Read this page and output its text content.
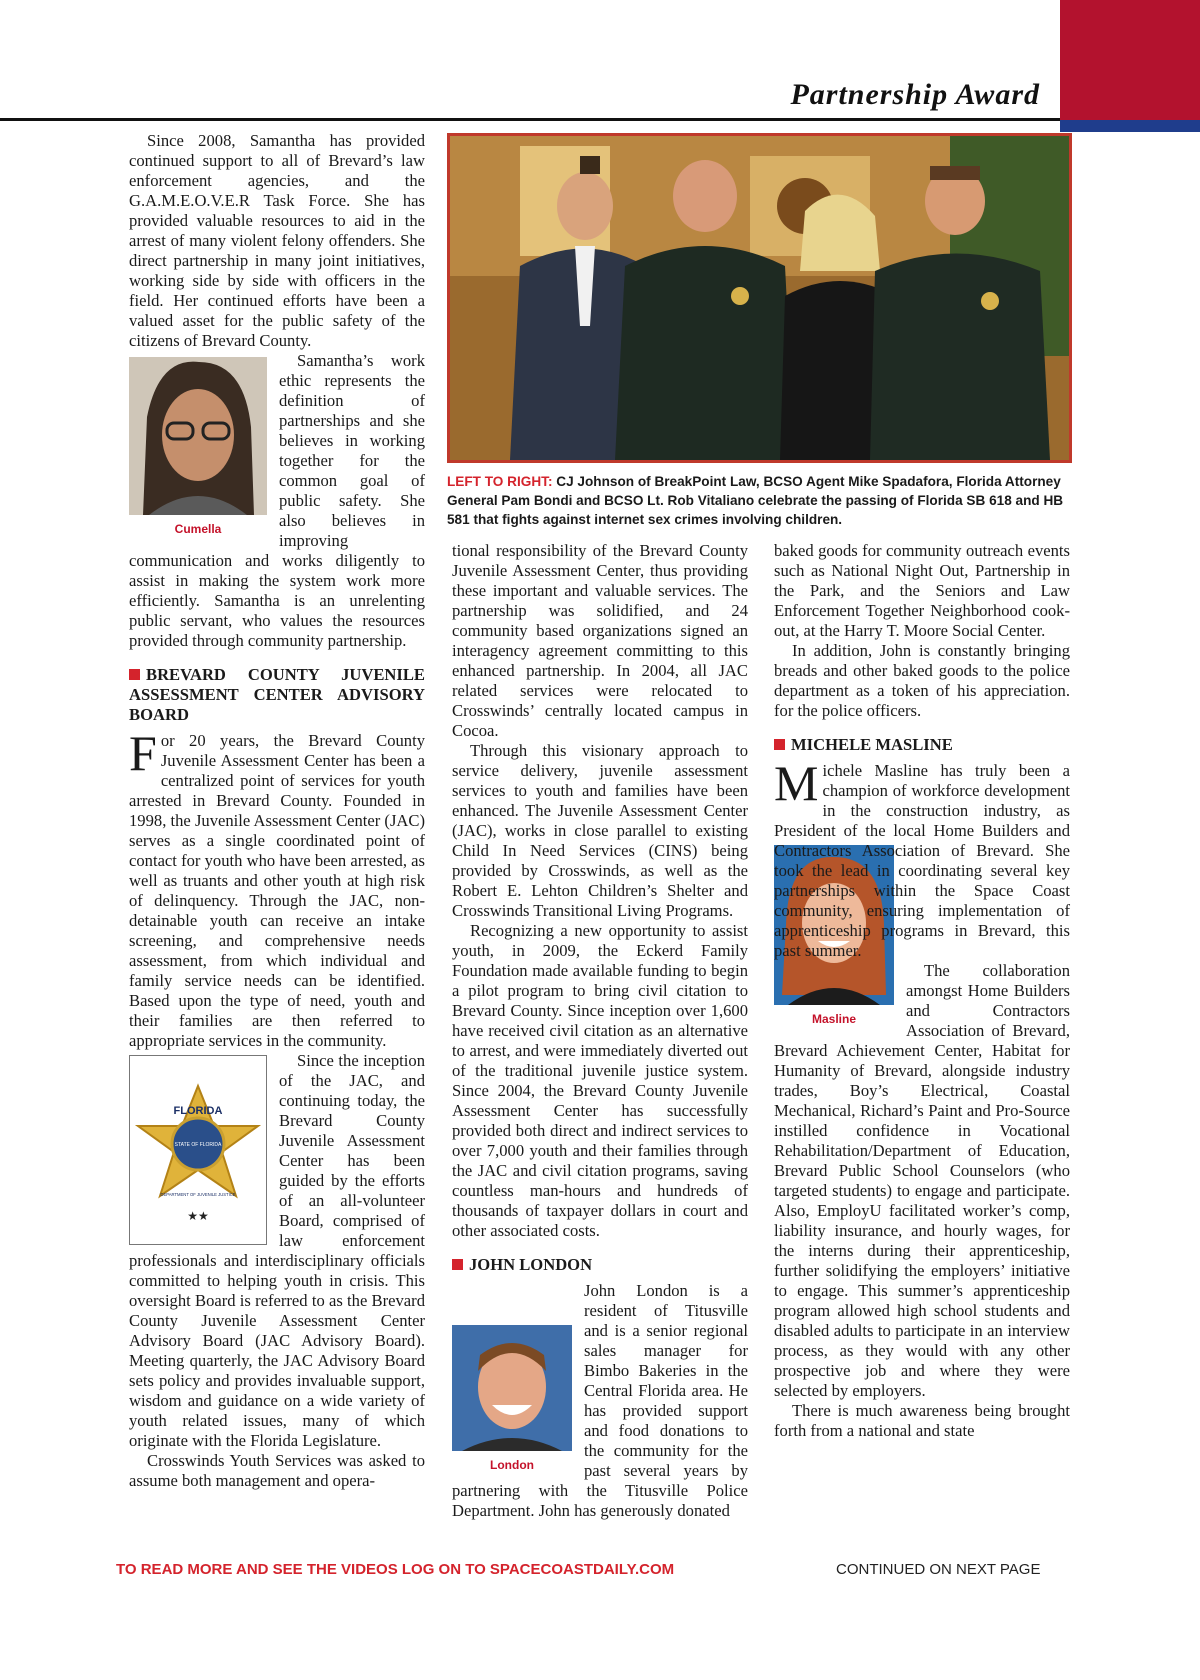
Partnership Award
LEFT TO RIGHT: CJ Johnson of BreakPoint Law, BCSO Agent Mike Spadafora, Florida Attorney General Pam Bondi and BCSO Lt. Rob Vitaliano celebrate the passing of Florida SB 618 and HB 581 that fights against internet sex crimes involving children.

Since 2008, Samantha has provided continued support to all of Brevard’s law enforcement agencies, and the G.A.M.E.O.V.E.R Task Force. She has provided valuable resources to aid in the arrest of many violent felony offenders. She direct partnership in many joint initiatives, working side by side with officers in the field. Her continued efforts have been a valued asset for the public safety of the citizens of Brevard County.

Cumella

Samantha’s work ethic represents the definition of partnerships and she believes in working together for the common goal of public safety. She also believes in improving communication and works diligently to assist in making the system work more efficiently. Samantha is an unrelenting public servant, who values the resources provided through community partnership.

BREVARD COUNTY JUVENILE ASSESSMENT CENTER ADVISORY BOARD

For 20 years, the Brevard County Juvenile Assessment Center has been a centralized point of services for youth arrested in Brevard County. Founded in 1998, the Juvenile Assessment Center (JAC) serves as a single coordinated point of contact for youth who have been arrested, as well as truants and other youth at high risk of delinquency. Through the JAC, non-detainable youth can receive an intake screening, and comprehensive needs assessment, from which individual and family service needs can be identified. Based upon the type of need, youth and their families are then referred to appropriate services in the community.

FLORIDA
STATE OF FLORIDA
DEPARTMENT OF JUVENILE JUSTICE
★★

Since the inception of the JAC, and continuing today, the Brevard County Juvenile Assessment Center has been guided by the efforts of an all-volunteer Board, comprised of law enforcement professionals and interdisciplinary officials committed to helping youth in crisis. This oversight Board is referred to as the Brevard County Juvenile Assessment Center Advisory Board (JAC Advisory Board). Meeting quarterly, the JAC Advisory Board sets policy and provides invaluable support, wisdom and guidance on a wide variety of youth related issues, many of which originate with the Florida Legislature.

Crosswinds Youth Services was asked to assume both management and opera-

tional responsibility of the Brevard County Juvenile Assessment Center, thus providing these important and valuable services. The partnership was solidified, and 24 community based organizations signed an interagency agreement committing to this enhanced partnership. In 2004, all JAC related services were relocated to Crosswinds’ centrally located campus in Cocoa.

Through this visionary approach to service delivery, juvenile assessment services to youth and families have been enhanced. The Juvenile Assessment Center (JAC), works in close parallel to existing Child In Need Services (CINS) being provided by Crosswinds, as well as the Robert E. Lehton Children’s Shelter and Crosswinds Transitional Living Programs.

Recognizing a new opportunity to assist youth, in 2009, the Eckerd Family Foundation made available funding to begin a pilot program to bring civil citation to Brevard County. Since inception over 1,600 have received civil citation as an alternative to arrest, and were immediately diverted out of the traditional juvenile justice system. Since 2004, the Brevard County Juvenile Assessment Center has successfully provided both direct and indirect services to over 7,000 youth and their families through the JAC and civil citation programs, saving countless man-hours and hundreds of thousands of taxpayer dollars in court and other associated costs.

JOHN LONDON
London

John London is a resident of Titusville and is a senior regional sales manager for Bimbo Bakeries in the Central Florida area. He has provided support and food donations to the community for the past several years by partnering with the Titusville Police Department. John has generously donated

baked goods for community outreach events such as National Night Out, Partnership in the Park, and the Seniors and Law Enforcement Together Neighborhood cook-out, at the Harry T. Moore Social Center.

In addition, John is constantly bringing breads and other baked goods to the police department as a token of his appreciation. for the police officers.

MICHELE MASLINE

Michele Masline has truly been a champion of workforce development in the construction industry, as President of the local Home Builders and Contractors Association of Brevard. She took the lead in coordinating several key partnerships within the Space Coast community, ensuring implementation of apprenticeship programs in Brevard, this past summer.

Masline

The collaboration amongst Home Builders and Contractors Association of Brevard, Brevard Achievement Center, Habitat for Humanity of Brevard, alongside industry trades, Boy’s Electrical, Coastal Mechanical, Richard’s Paint and Pro-Source instilled confidence in Vocational Rehabilitation/Department of Education, Brevard Public School Counselors (who targeted students) to engage and participate. Also, EmployU facilitated worker’s comp, liability insurance, and hourly wages, for the interns during their apprenticeship, further solidifying the employers’ initiative to engage. This summer’s apprenticeship program allowed high school students and disabled adults to participate in an interview process, as they would with any other prospective job and where they were selected by employers.

There is much awareness being brought forth from a national and state

TO READ MORE AND SEE THE VIDEOS LOG ON TO SPACECOASTDAILY.COM	CONTINUED ON NEXT PAGE
